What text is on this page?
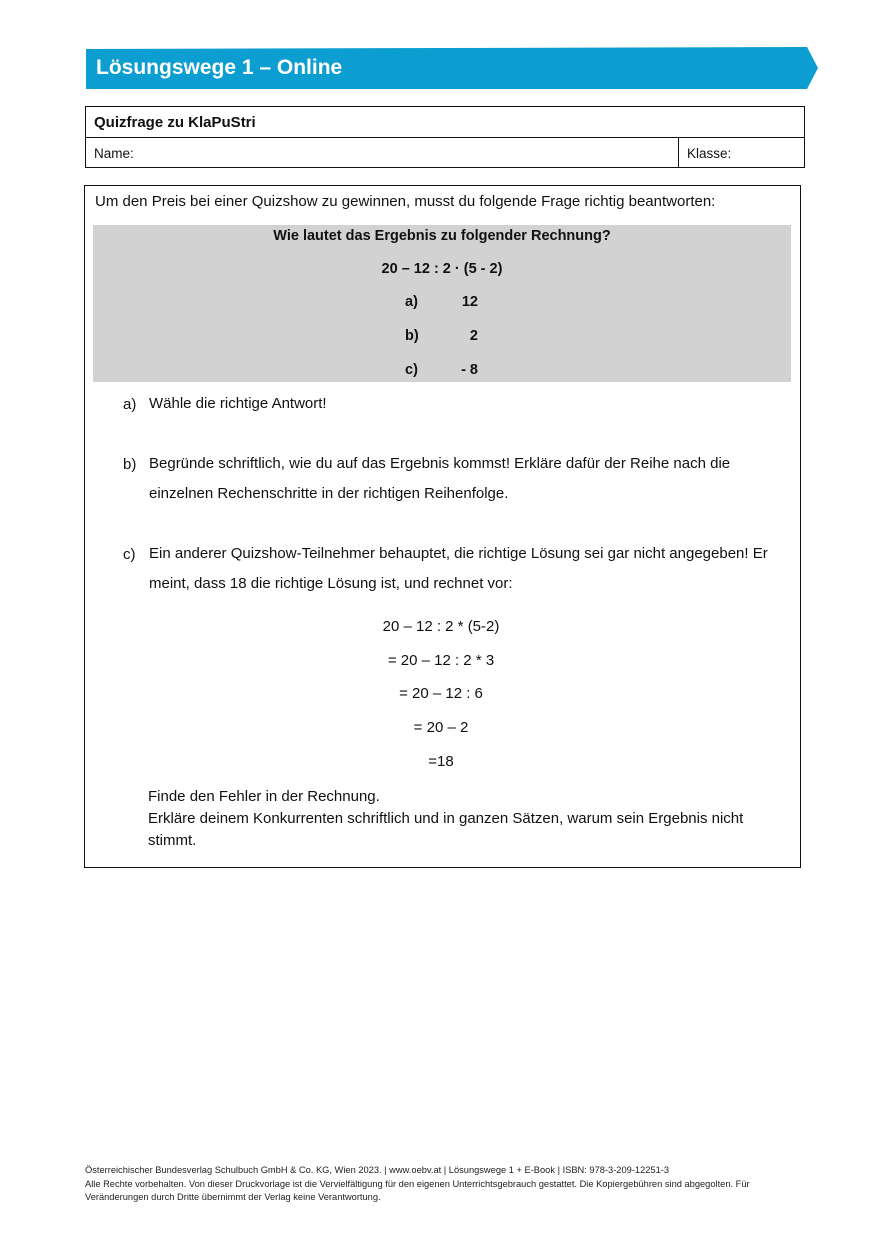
Lösungswege 1 – Online
Quizfrage zu KlaPuStri
Name:	Klasse:
Um den Preis bei einer Quizshow zu gewinnen, musst du folgende Frage richtig beantworten:
Wie lautet das Ergebnis zu folgender Rechnung?
20 – 12 : 2 · (5 - 2)
a)	12
b)	2
c)	- 8
a) Wähle die richtige Antwort!
b) Begründe schriftlich, wie du auf das Ergebnis kommst! Erkläre dafür der Reihe nach die
einzelnen Rechenschritte in der richtigen Reihenfolge.
c) Ein anderer Quizshow-Teilnehmer behauptet, die richtige Lösung sei gar nicht angegeben! Er
meint, dass 18 die richtige Lösung ist, und rechnet vor:
20 – 12 : 2 * (5-2)
= 20 – 12 : 2 * 3
= 20 – 12 : 6
= 20 – 2
=18
Finde den Fehler in der Rechnung.
Erkläre deinem Konkurrenten schriftlich und in ganzen Sätzen, warum sein Ergebnis nicht
stimmt.
Österreichischer Bundesverlag Schulbuch GmbH & Co. KG, Wien 2023. | www.oebv.at | Lösungswege 1 + E-Book | ISBN: 978-3-209-12251-3
Alle Rechte vorbehalten. Von dieser Druckvorlage ist die Vervielfältigung für den eigenen Unterrichtsgebrauch gestattet. Die Kopiergebühren sind abgegolten. Für
Veränderungen durch Dritte übernimmt der Verlag keine Verantwortung.
